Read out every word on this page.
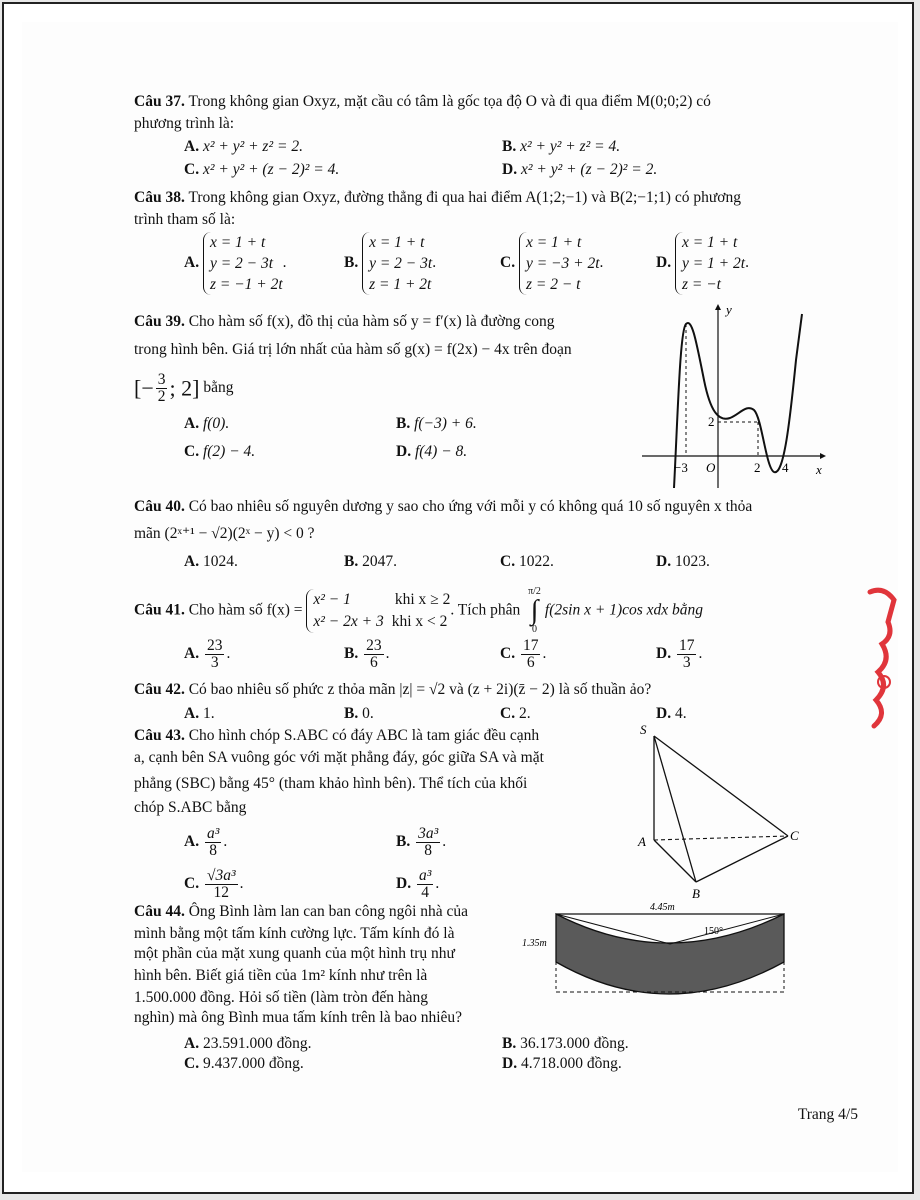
Câu 37. Trong không gian Oxyz, mặt cầu có tâm là gốc tọa độ O và đi qua điểm M(0;0;2) có
phương trình là:
A. x² + y² + z² = 2.	B. x² + y² + z² = 4.
C. x² + y² + (z − 2)² = 4.	D. x² + y² + (z − 2)² = 2.
Câu 38. Trong không gian Oxyz, đường thẳng đi qua hai điểm A(1;2;−1) và B(2;−1;1) có phương
trình tham số là:
A. x = 1 + t
y = 2 − 3t
z = −1 + 2t.	B. x = 1 + t
y = 2 − 3t
z = 1 + 2t.	C. x = 1 + t
y = −3 + 2t
z = 2 − t.	D. x = 1 + t
y = 1 + 2t
z = −t.
Câu 39. Cho hàm số f(x), đồ thị của hàm số y = f′(x) là đường cong
trong hình bên. Giá trị lớn nhất của hàm số g(x) = f(2x) − 4x trên đoạn
[− $\frac{3}{2}$ ; 2] bằng
A. f(0).	B. f(−3) + 6.
C. f(2) − 4.	D. f(4) − 8.
y
x
O
−3	2 4
2
Câu 40. Có bao nhiêu số nguyên dương y sao cho ứng với mỗi y có không quá 10 số nguyên x thỏa
mãn (2ˣ⁺¹ − √2)(2ˣ − y) < 0 ?
A. 1024.	B. 2047.	C. 1022.	D. 1023.
Câu 41. Cho hàm số f(x) = x² − 1	khi x ≥ 2
x² − 2x + 3 khi x < 2. Tích phân
π/2
∫
0
f(2sin x + 1)cos xdx bằng
A. $\frac{23}{3}$ .	B. $\frac{23}{6}$ .	C. $\frac{17}{6}$ .	D. $\frac{17}{3}$ .
Câu 42. Có bao nhiêu số phức z thỏa mãn |z| = √2 và (z + 2i)(z̄ − 2) là số thuần ảo?
A. 1.	B. 0.	C. 2.	D. 4.
Câu 43. Cho hình chóp S.ABC có đáy ABC là tam giác đều cạnh
a, cạnh bên SA vuông góc với mặt phẳng đáy, góc giữa SA và mặt
phẳng (SBC) bằng 45° (tham khảo hình bên). Thể tích của khối
chóp S.ABC bằng
A. $\frac{\text{a³}}{8}$ .	B. $\frac{\text{3a³}}{8}$ .
C. $\frac{\text{√3a³}}{12}$ .	D. $\frac{\text{a³}}{4}$ .
S
A
B
C
Câu 44. Ông Bình làm lan can ban công ngôi nhà của
mình bằng một tấm kính cường lực. Tấm kính đó là
một phần của mặt xung quanh của một hình trụ như
hình bên. Biết giá tiền của 1m² kính như trên là
1.500.000 đồng. Hỏi số tiền (làm tròn đến hàng
nghìn) mà ông Bình mua tấm kính trên là bao nhiêu?
A. 23.591.000 đồng.	B. 36.173.000 đồng.
C. 9.437.000 đồng.	D. 4.718.000 đồng.
4.45m
1.35m
150°
Trang 4/5
